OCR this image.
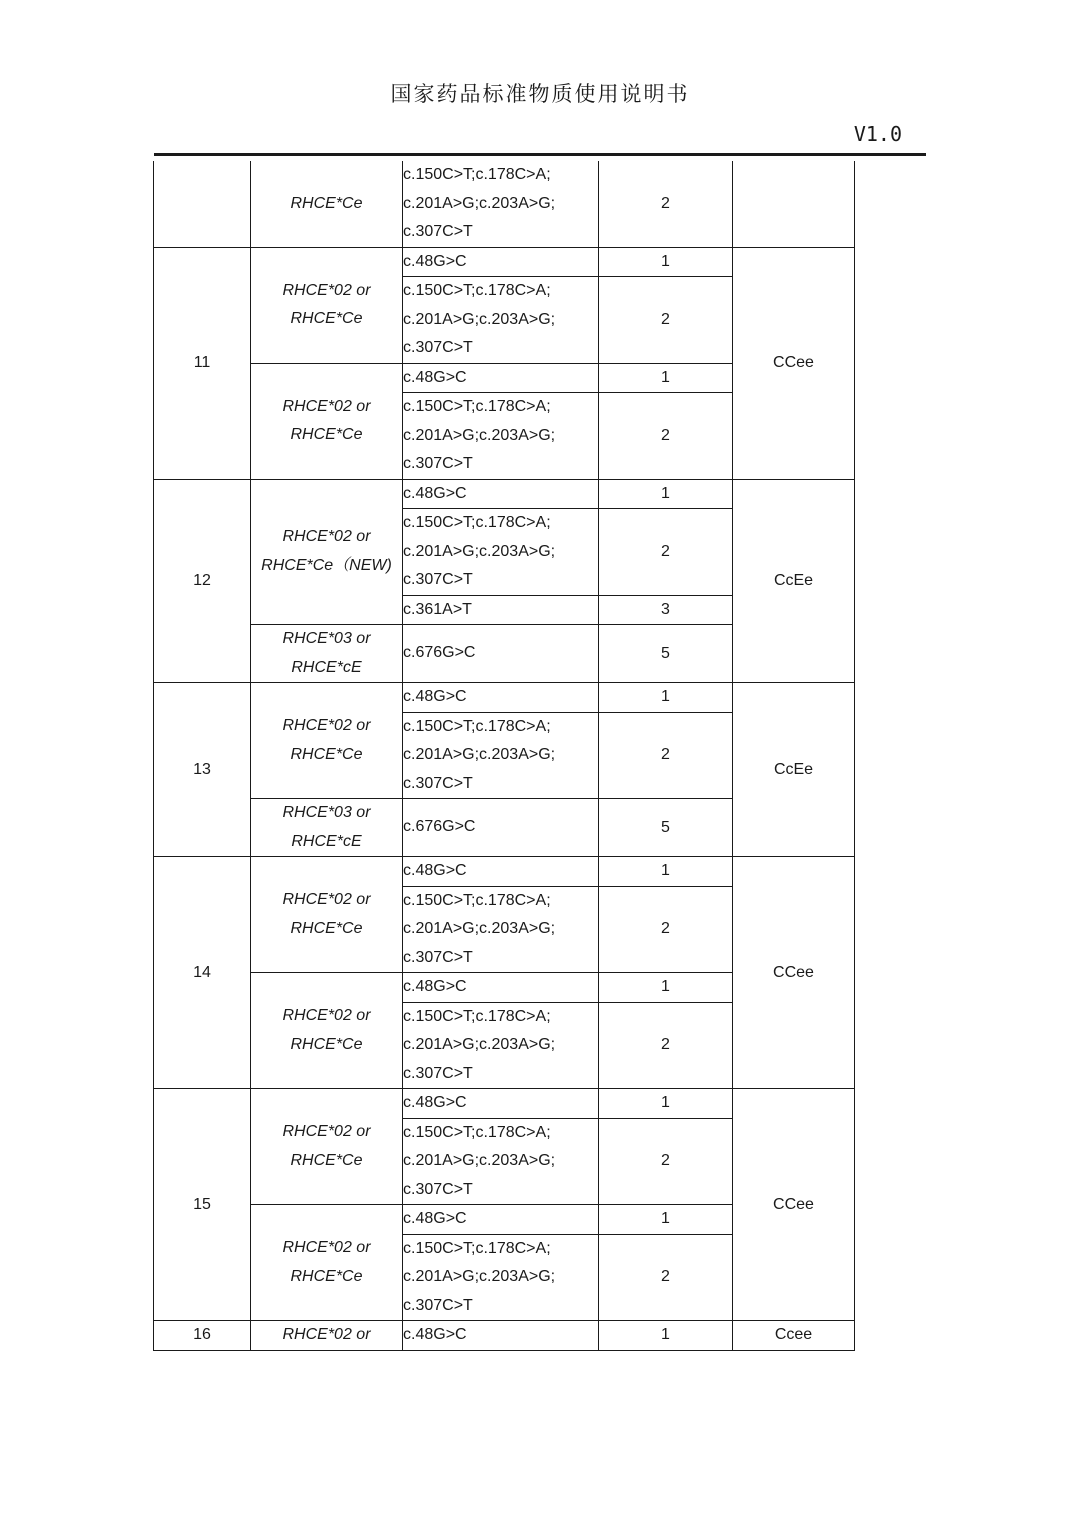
国家药品标准物质使用说明书
V1.0
	RHCE*Ce	c.150C>T;c.178C>A;
c.201A>G;c.203A>G;
c.307C>T	2	
11	RHCE*02 or
RHCE*Ce	c.48G>C	1	CCee
		c.150C>T;c.178C>A;
c.201A>G;c.203A>G;
c.307C>T	2	
	RHCE*02 or
RHCE*Ce	c.48G>C	1	
		c.150C>T;c.178C>A;
c.201A>G;c.203A>G;
c.307C>T	2	
12	RHCE*02 or
RHCE*Ce（NEW)	c.48G>C	1	CcEe
		c.150C>T;c.178C>A;
c.201A>G;c.203A>G;
c.307C>T	2	
		c.361A>T	3	
	RHCE*03 or
RHCE*cE	c.676G>C	5	
13	RHCE*02 or
RHCE*Ce	c.48G>C	1	CcEe
		c.150C>T;c.178C>A;
c.201A>G;c.203A>G;
c.307C>T	2	
	RHCE*03 or
RHCE*cE	c.676G>C	5	
14	RHCE*02 or
RHCE*Ce	c.48G>C	1	CCee
		c.150C>T;c.178C>A;
c.201A>G;c.203A>G;
c.307C>T	2	
	RHCE*02 or
RHCE*Ce	c.48G>C	1	
		c.150C>T;c.178C>A;
c.201A>G;c.203A>G;
c.307C>T	2	
15	RHCE*02 or
RHCE*Ce	c.48G>C	1	CCee
		c.150C>T;c.178C>A;
c.201A>G;c.203A>G;
c.307C>T	2	
	RHCE*02 or
RHCE*Ce	c.48G>C	1	
		c.150C>T;c.178C>A;
c.201A>G;c.203A>G;
c.307C>T	2	
16	RHCE*02 or	c.48G>C	1	Ccee
